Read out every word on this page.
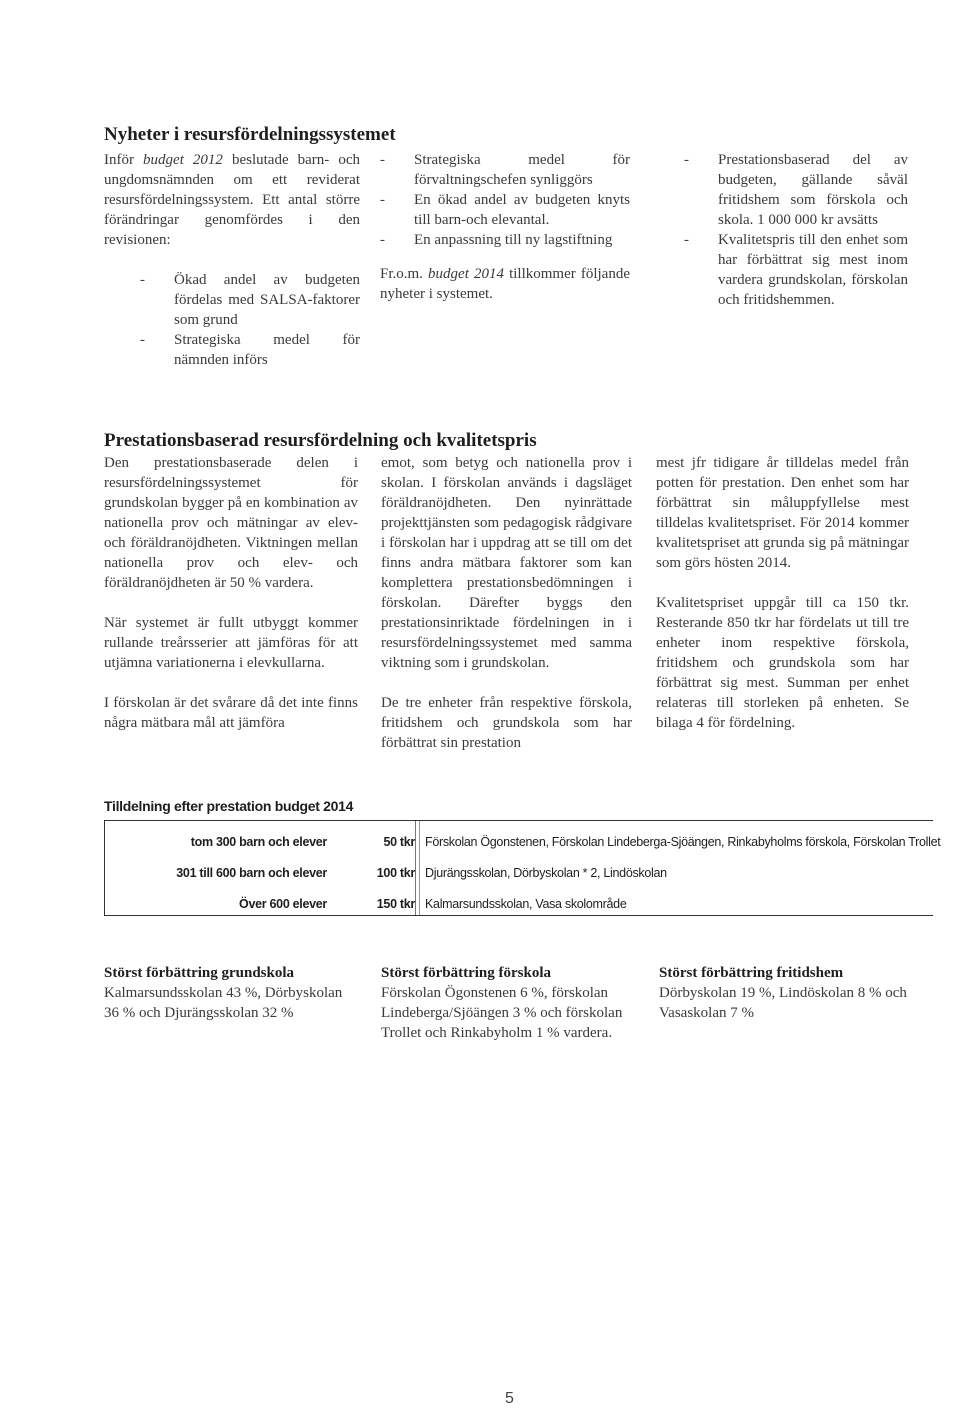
Nyheter i resursfördelningssystemet

Inför budget 2012 beslutade barn- och ungdomsnämnden om ett reviderat resursfördelningssystem. Ett antal större förändringar genomfördes i den revisionen:

- Ökad andel av budgeten fördelas med SALSA-faktorer som grund
- Strategiska medel för nämnden införs
- Strategiska medel för förvaltningschefen synliggörs
- En ökad andel av budgeten knyts till barn-och elevantal.
- En anpassning till ny lagstiftning

Fr.o.m. budget 2014 tillkommer följande nyheter i systemet.

- Prestationsbaserad del av budgeten, gällande såväl fritidshem som förskola och skola. 1 000 000 kr avsätts
- Kvalitetspris till den enhet som har förbättrat sig mest inom vardera grundskolan, förskolan och fritidshemmen.
Prestationsbaserad resursfördelning och kvalitetspris

Den prestationsbaserade delen i resursfördelningssystemet för grundskolan bygger på en kombination av nationella prov och mätningar av elev- och föräldranöjdheten. Viktningen mellan nationella prov och elev- och föräldranöjdheten är 50 % vardera.

När systemet är fullt utbyggt kommer rullande treårsserier att jämföras för att utjämna variationerna i elevkullarna.

I förskolan är det svårare då det inte finns några mätbara mål att jämföra

emot, som betyg och nationella prov i skolan. I förskolan används i dagsläget föräldranöjdheten. Den nyinrättade projekttjänsten som pedagogisk rådgivare i förskolan har i uppdrag att se till om det finns andra mätbara faktorer som kan komplettera prestationsbedömningen i förskolan. Därefter byggs den prestationsinriktade fördelningen in i resursfördelningssystemet med samma viktning som i grundskolan.

De tre enheter från respektive förskola, fritidshem och grundskola som har förbättrat sin prestation

mest jfr tidigare år tilldelas medel från potten för prestation. Den enhet som har förbättrat sin måluppfyllelse mest tilldelas kvalitetspriset. För 2014 kommer kvalitetspriset att grunda sig på mätningar som görs hösten 2014.

Kvalitetspriset uppgår till ca 150 tkr. Resterande 850 tkr har fördelats ut till tre enheter inom respektive förskola, fritidshem och grundskola som har förbättrat sig mest. Summan per enhet relateras till storleken på enheten. Se bilaga 4 för fördelning.

Tilldelning efter prestation budget 2014
tom 300 barn och elever	50 tkr Förskolan Ögonstenen, Förskolan Lindeberga-Sjöängen, Rinkabyholms förskola, Förskolan Trollet
301 till 600 barn och elever	100 tkr Djurängsskolan, Dörbyskolan * 2, Lindöskolan
Över 600 elever	150 tkr Kalmarsundsskolan, Vasa skolområde
Störst förbättring grundskola

Kalmarsundsskolan 43 %, Dörbyskolan 36 % och Djurängsskolan 32 %

Störst förbättring förskola

Förskolan Ögonstenen 6 %, förskolan Lindeberga/Sjöängen 3 % och förskolan Trollet och Rinkabyholm 1 % vardera.

Störst förbättring fritidshem

Dörbyskolan 19 %, Lindöskolan 8 % och Vasaskolan 7 %

5
